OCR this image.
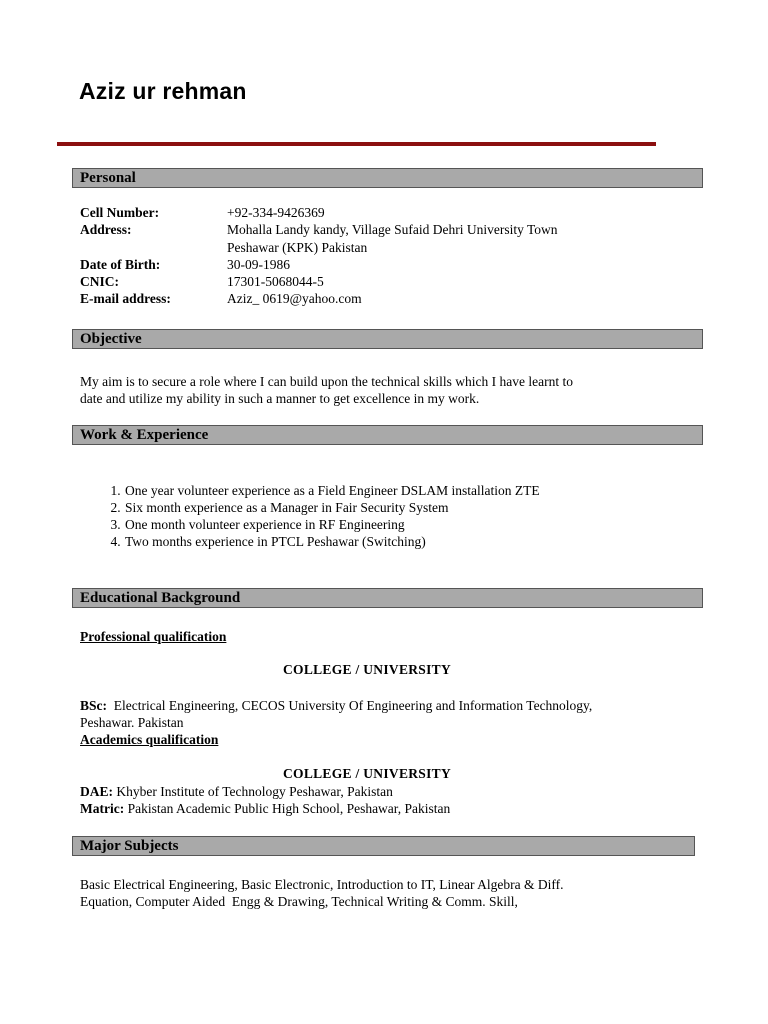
Aziz ur rehman
Personal
Cell Number:	+92-334-9426369
Address:	Mohalla Landy kandy, Village Sufaid Dehri University Town
Peshawar (KPK) Pakistan
Date of Birth:	30-09-1986
CNIC:	17301-5068044-5
E-mail address:	Aziz_ 0619@yahoo.com
Objective
My aim is to secure a role where I can build upon the technical skills which I have learnt to
date and utilize my ability in such a manner to get excellence in my work.
Work & Experience
1. One year volunteer experience as a Field Engineer DSLAM installation ZTE
2. Six month experience as a Manager in Fair Security System
3. One month volunteer experience in RF Engineering
4. Two months experience in PTCL Peshawar (Switching)
Educational Background
Professional qualification
COLLEGE / UNIVERSITY
BSc:  Electrical Engineering, CECOS University Of Engineering and Information Technology,
Peshawar. Pakistan
Academics qualification
COLLEGE / UNIVERSITY
DAE: Khyber Institute of Technology Peshawar, Pakistan
Matric: Pakistan Academic Public High School, Peshawar, Pakistan
Major Subjects
Basic Electrical Engineering, Basic Electronic, Introduction to IT, Linear Algebra & Diff.
Equation, Computer Aided  Engg & Drawing, Technical Writing & Comm. Skill,
